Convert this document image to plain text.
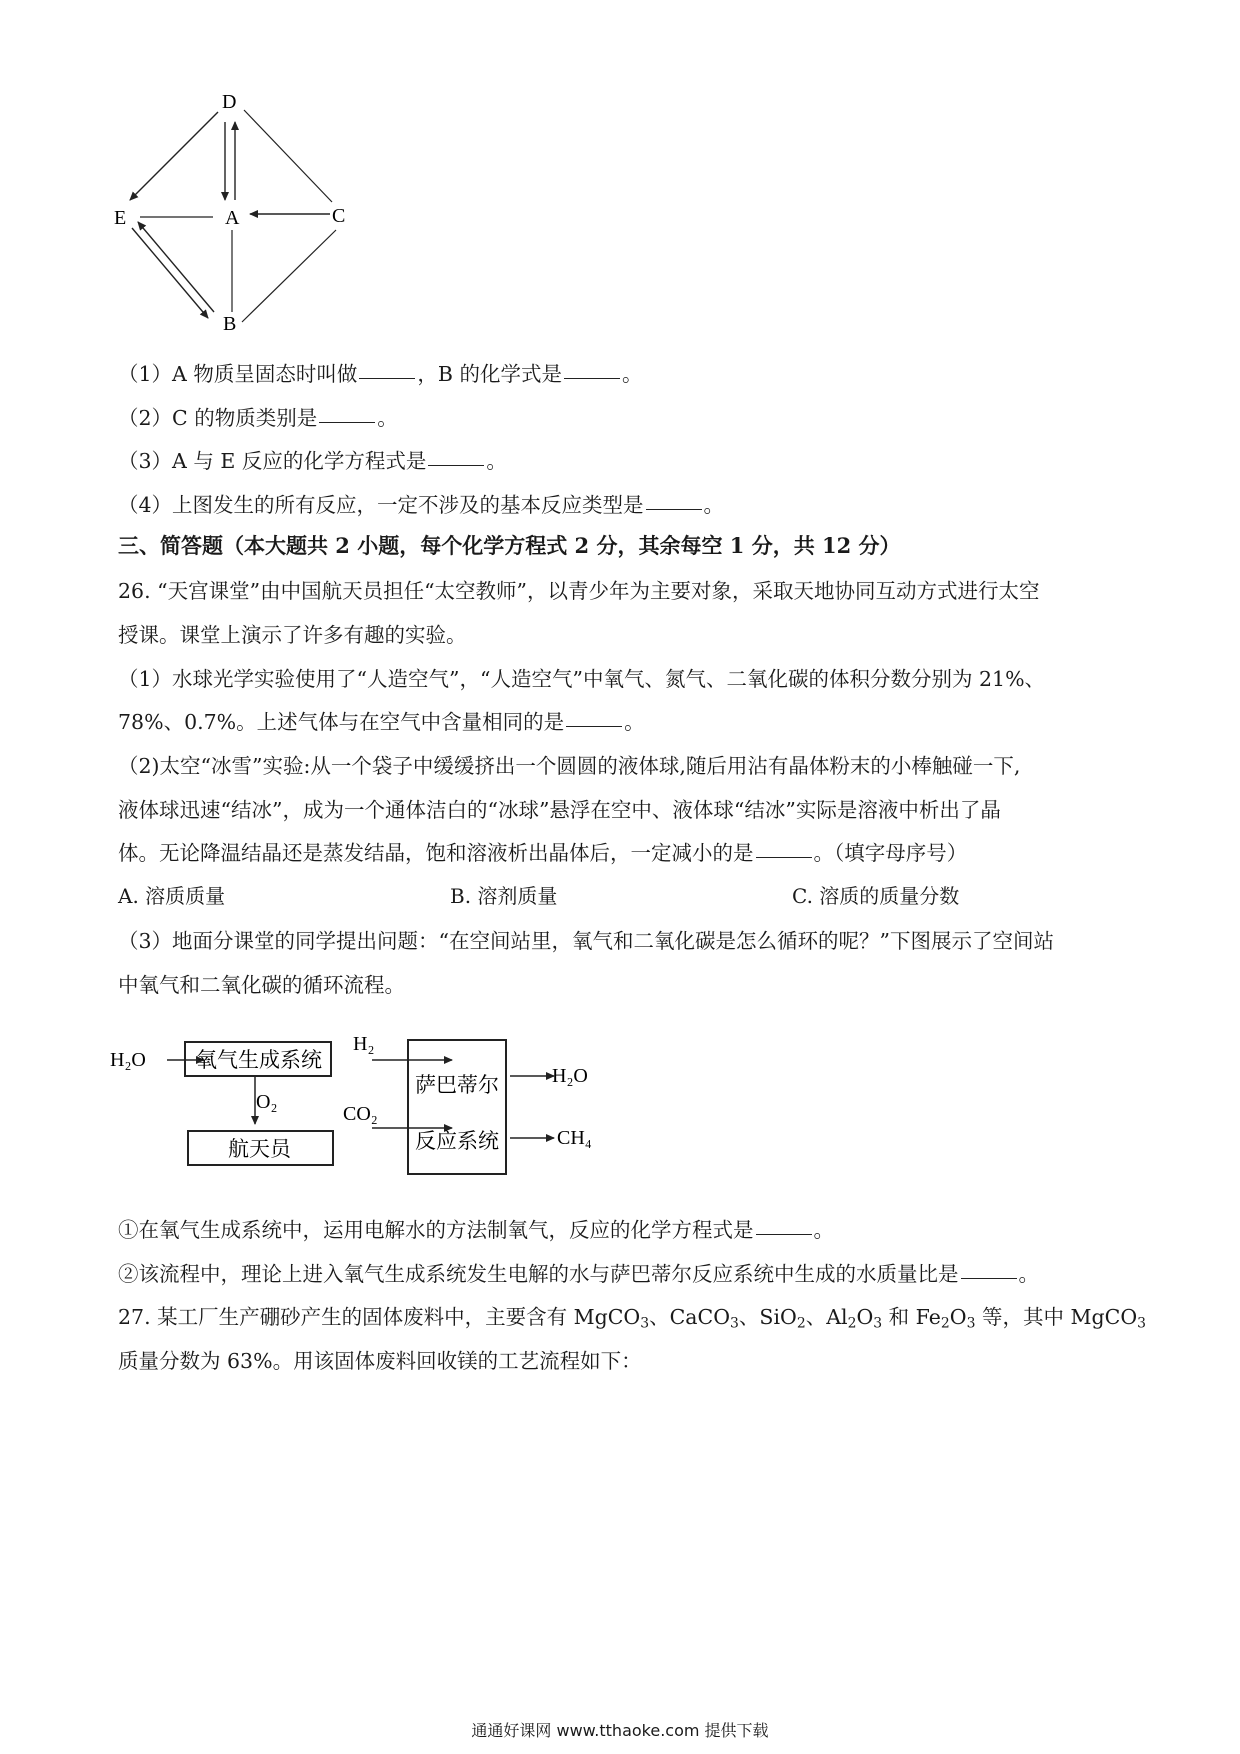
D
A	C
E
B
（1）A 物质呈固态时叫做	，B 的化学式是	。
（2）C 的物质类别是	。
（3）A 与 E 反应的化学方程式是	。
（4）上图发生的所有反应，一定不涉及的基本反应类型是	。
三、简答题（本大题共 2 小题，每个化学方程式 2 分，其余每空 1 分，共 12 分）
26. “天宫课堂”由中国航天员担任“太空教师”，以青少年为主要对象，采取天地协同互动方式进行太空
授课。课堂上演示了许多有趣的实验。
（1）水球光学实验使用了“人造空气”，“人造空气”中氧气、氮气、二氧化碳的体积分数分别为 21%、
78%、0.7%。上述气体与在空气中含量相同的是	。
（2)太空“冰雪”实验:从一个袋子中缓缓挤出一个圆圆的液体球,随后用沾有晶体粉末的小棒触碰一下,
液体球迅速“结冰”，成为一个通体洁白的“冰球”悬浮在空中、液体球“结冰”实际是溶液中析出了晶
体。无论降温结晶还是蒸发结晶，饱和溶液析出晶体后，一定减小的是	。（填字母序号）
A. 溶质质量	B. 溶剂质量	C. 溶质的质量分数
（3）地面分课堂的同学提出问题：“在空间站里，氧气和二氧化碳是怎么循环的呢？”下图展示了空间站
中氧气和二氧化碳的循环流程。
氧气生成系统
航天员
萨巴蒂尔
反应系统
H₂O
H₂
O₂
CO₂
H₂O
CH₄
①在氧气生成系统中，运用电解水的方法制氧气，反应的化学方程式是	。
②该流程中，理论上进入氧气生成系统发生电解的水与萨巴蒂尔反应系统中生成的水质量比是	。
27. 某工厂生产硼砂产生的固体废料中，主要含有 MgCO$_3$、CaCO$_3$、SiO$_2$、$Al_2O_3$ 和 $Fe_2O_3$ 等，其中 MgCO$_3$
质量分数为 63%。用该固体废料回收镁的工艺流程如下：
通通好课网 www.tthaoke.com 提供下载
